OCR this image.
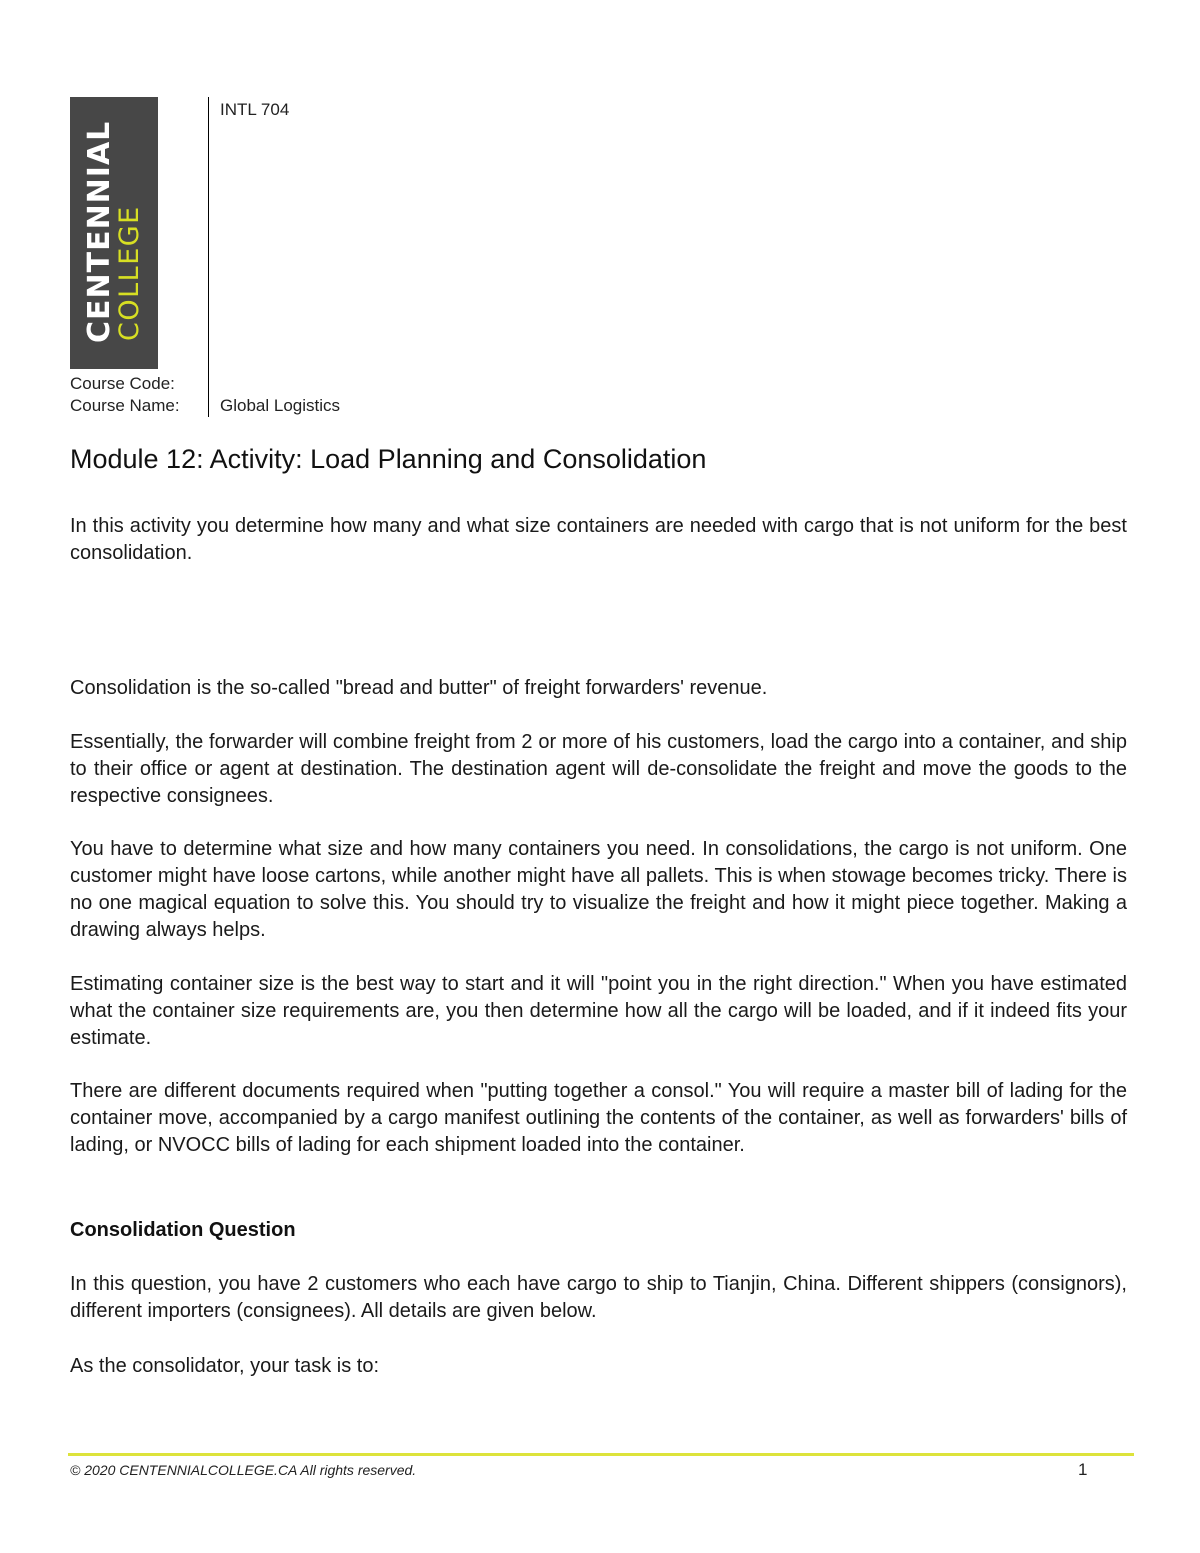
CENTENNIAL
COLLEGE
INTL 704
Course Code:
Course Name: Global Logistics
Module 12: Activity: Load Planning and Consolidation

In this activity you determine how many and what size containers are needed with cargo that is not uniform for the best consolidation.

Consolidation is the so-called "bread and butter" of freight forwarders' revenue.

Essentially, the forwarder will combine freight from 2 or more of his customers, load the cargo into a container, and ship to their office or agent at destination. The destination agent will de-consolidate the freight and move the goods to the respective consignees.

You have to determine what size and how many containers you need. In consolidations, the cargo is not uniform. One customer might have loose cartons, while another might have all pallets. This is when stowage becomes tricky. There is no one magical equation to solve this. You should try to visualize the freight and how it might piece together. Making a drawing always helps.

Estimating container size is the best way to start and it will "point you in the right direction." When you have estimated what the container size requirements are, you then determine how all the cargo will be loaded, and if it indeed fits your estimate.

There are different documents required when "putting together a consol." You will require a master bill of lading for the container move, accompanied by a cargo manifest outlining the contents of the container, as well as forwarders' bills of lading, or NVOCC bills of lading for each shipment loaded into the container.

Consolidation Question

In this question, you have 2 customers who each have cargo to ship to Tianjin, China. Different shippers (consignors), different importers (consignees). All details are given below.

As the consolidator, your task is to:

© 2020 CENTENNIALCOLLEGE.CA All rights reserved.	1
